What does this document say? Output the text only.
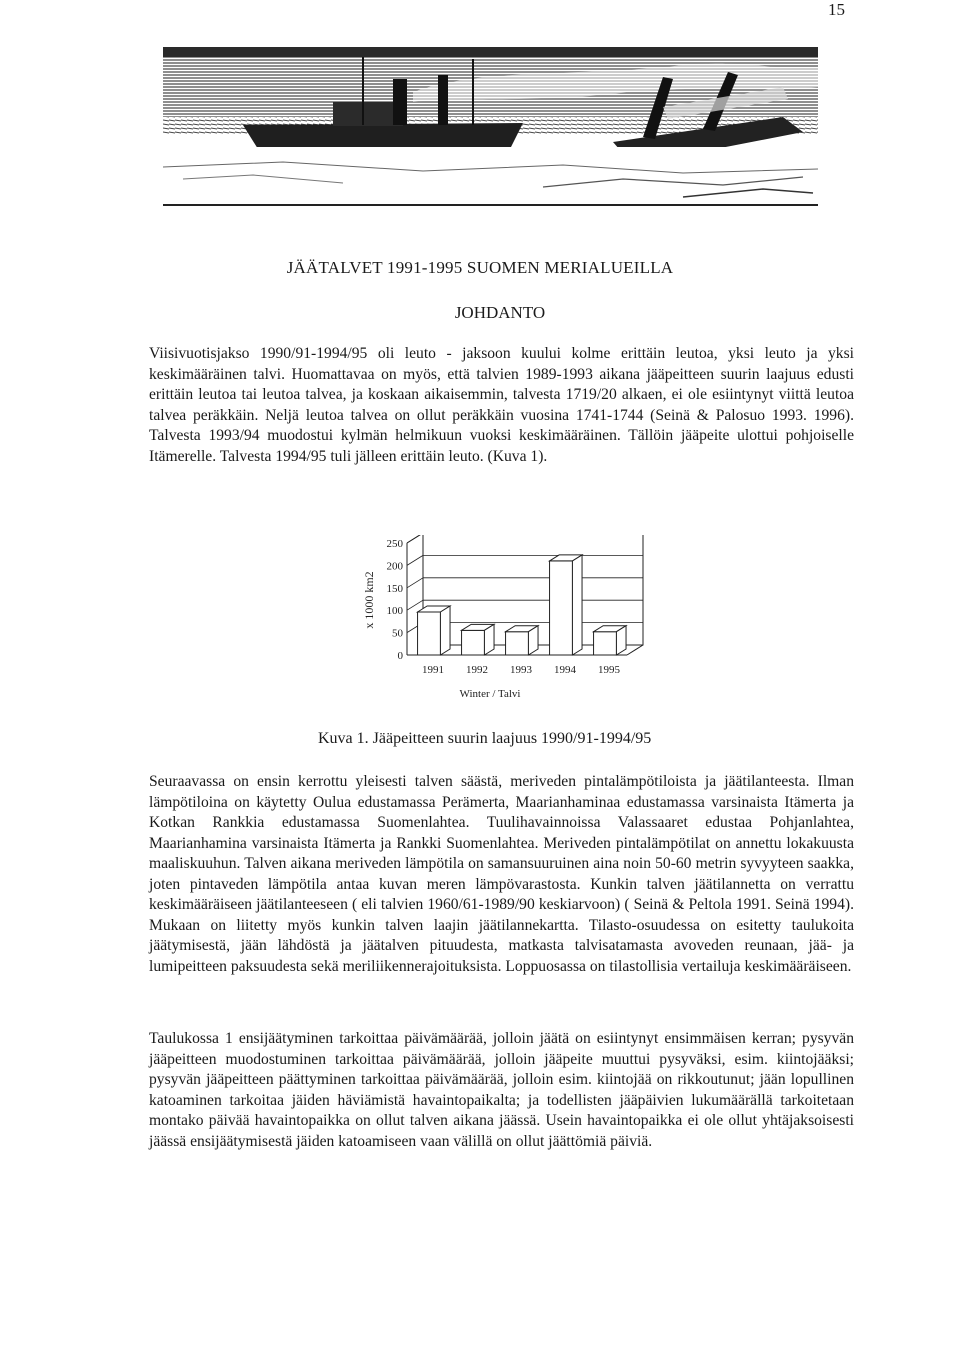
15
JÄÄTALVET 1991-1995 SUOMEN MERIALUEILLA
JOHDANTO

Viisivuotisjakso 1990/91-1994/95 oli leuto - jaksoon kuului kolme erittäin leutoa, yksi leuto ja yksi keskimääräinen talvi. Huomattavaa on myös, että talvien 1989-1993 aikana jääpeitteen suurin laajuus edusti erittäin leutoa tai leutoa talvea, ja koskaan aikaisemmin, talvesta 1719/20 alkaen, ei ole esiintynyt viittä leutoa talvea peräkkäin. Neljä leutoa talvea on ollut peräkkäin vuosina 1741-1744 (Seinä & Palosuo 1993. 1996). Talvesta 1993/94 muodostui kylmän helmikuun vuoksi keskimääräinen. Tällöin jääpeite ulottui pohjoiselle Itämerelle. Talvesta 1994/95 tuli jälleen erittäin leuto. (Kuva 1).

x 1000 km2
Winter / Talvi
0
50
100
150
200
250
1991 1992 1993 1994 1995
Kuva 1. Jääpeitteen suurin laajuus 1990/91-1994/95

Seuraavassa on ensin kerrottu yleisesti talven säästä, meriveden pintalämpötiloista ja jäätilanteesta. Ilman lämpötiloina on käytetty Oulua edustamassa Perämerta, Maarianhaminaa edustamassa varsinaista Itämerta ja Kotkan Rankkia edustamassa Suomenlahtea. Tuulihavainnoissa Valassaaret edustaa Pohjanlahtea, Maarianhamina varsinaista Itämerta ja Rankki Suomenlahtea. Meriveden pintalämpötilat on annettu lokakuusta maaliskuuhun. Talven aikana meriveden lämpötila on samansuuruinen aina noin 50-60 metrin syvyyteen saakka, joten pintaveden lämpötila antaa kuvan meren lämpövarastosta. Kunkin talven jäätilannetta on verrattu keskimääräiseen jäätilanteeseen ( eli talvien 1960/61-1989/90 keskiarvoon) ( Seinä & Peltola 1991. Seinä 1994). Mukaan on liitetty myös kunkin talven laajin jäätilannekartta. Tilasto-osuudessa on esitetty taulukoita jäätymisestä, jään lähdöstä ja jäätalven pituudesta, matkasta talvisatamasta avoveden reunaan, jää- ja lumipeitteen paksuudesta sekä meriliikennerajoituksista. Loppuosassa on tilastollisia vertailuja keskimääräiseen.

Taulukossa 1 ensijäätyminen tarkoittaa päivämäärää, jolloin jäätä on esiintynyt ensimmäisen kerran; pysyvän jääpeitteen muodostuminen tarkoittaa päivämäärää, jolloin jääpeite muuttui pysyväksi, esim. kiintojääksi; pysyvän jääpeitteen päättyminen tarkoittaa päivämäärää, jolloin esim. kiintojää on rikkoutunut; jään lopullinen katoaminen tarkoitaa jäiden häviämistä havaintopaikalta; ja todellisten jääpäivien lukumäärällä tarkoitetaan montako päivää havaintopaikka on ollut talven aikana jäässä. Usein havaintopaikka ei ole ollut yhtäjaksoisesti jäässä ensijäätymisestä jäiden katoamiseen vaan välillä on ollut jäättömiä päiviä.
